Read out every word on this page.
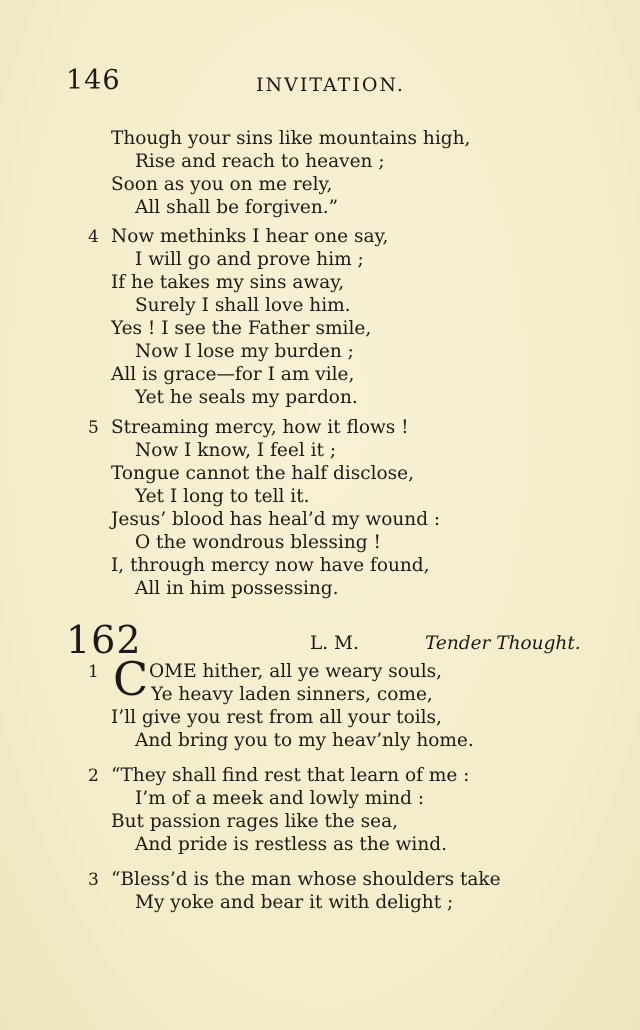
146	INVITATION.
Though your sins like mountains high,
Rise and reach to heaven ;
Soon as you on me rely,
All shall be forgiven.”
4 Now methinks I hear one say,
I will go and prove him ;
If he takes my sins away,
Surely I shall love him.
Yes ! I see the Father smile,
Now I lose my burden ;
All is grace—for I am vile,
Yet he seals my pardon.
5 Streaming mercy, how it flows !
Now I know, I feel it ;
Tongue cannot the half disclose,
Yet I long to tell it.
Jesus’ blood has heal’d my wound :
O the wondrous blessing !
I, through mercy now have found,
All in him possessing.
162	L. M.	Tender Thought.
1 C OME hither, all ye weary souls,
Ye heavy laden sinners, come,
I’ll give you rest from all your toils,
And bring you to my heav’nly home.
2 “They shall find rest that learn of me :
I’m of a meek and lowly mind :
But passion rages like the sea,
And pride is restless as the wind.
3 “Bless’d is the man whose shoulders take
My yoke and bear it with delight ;
